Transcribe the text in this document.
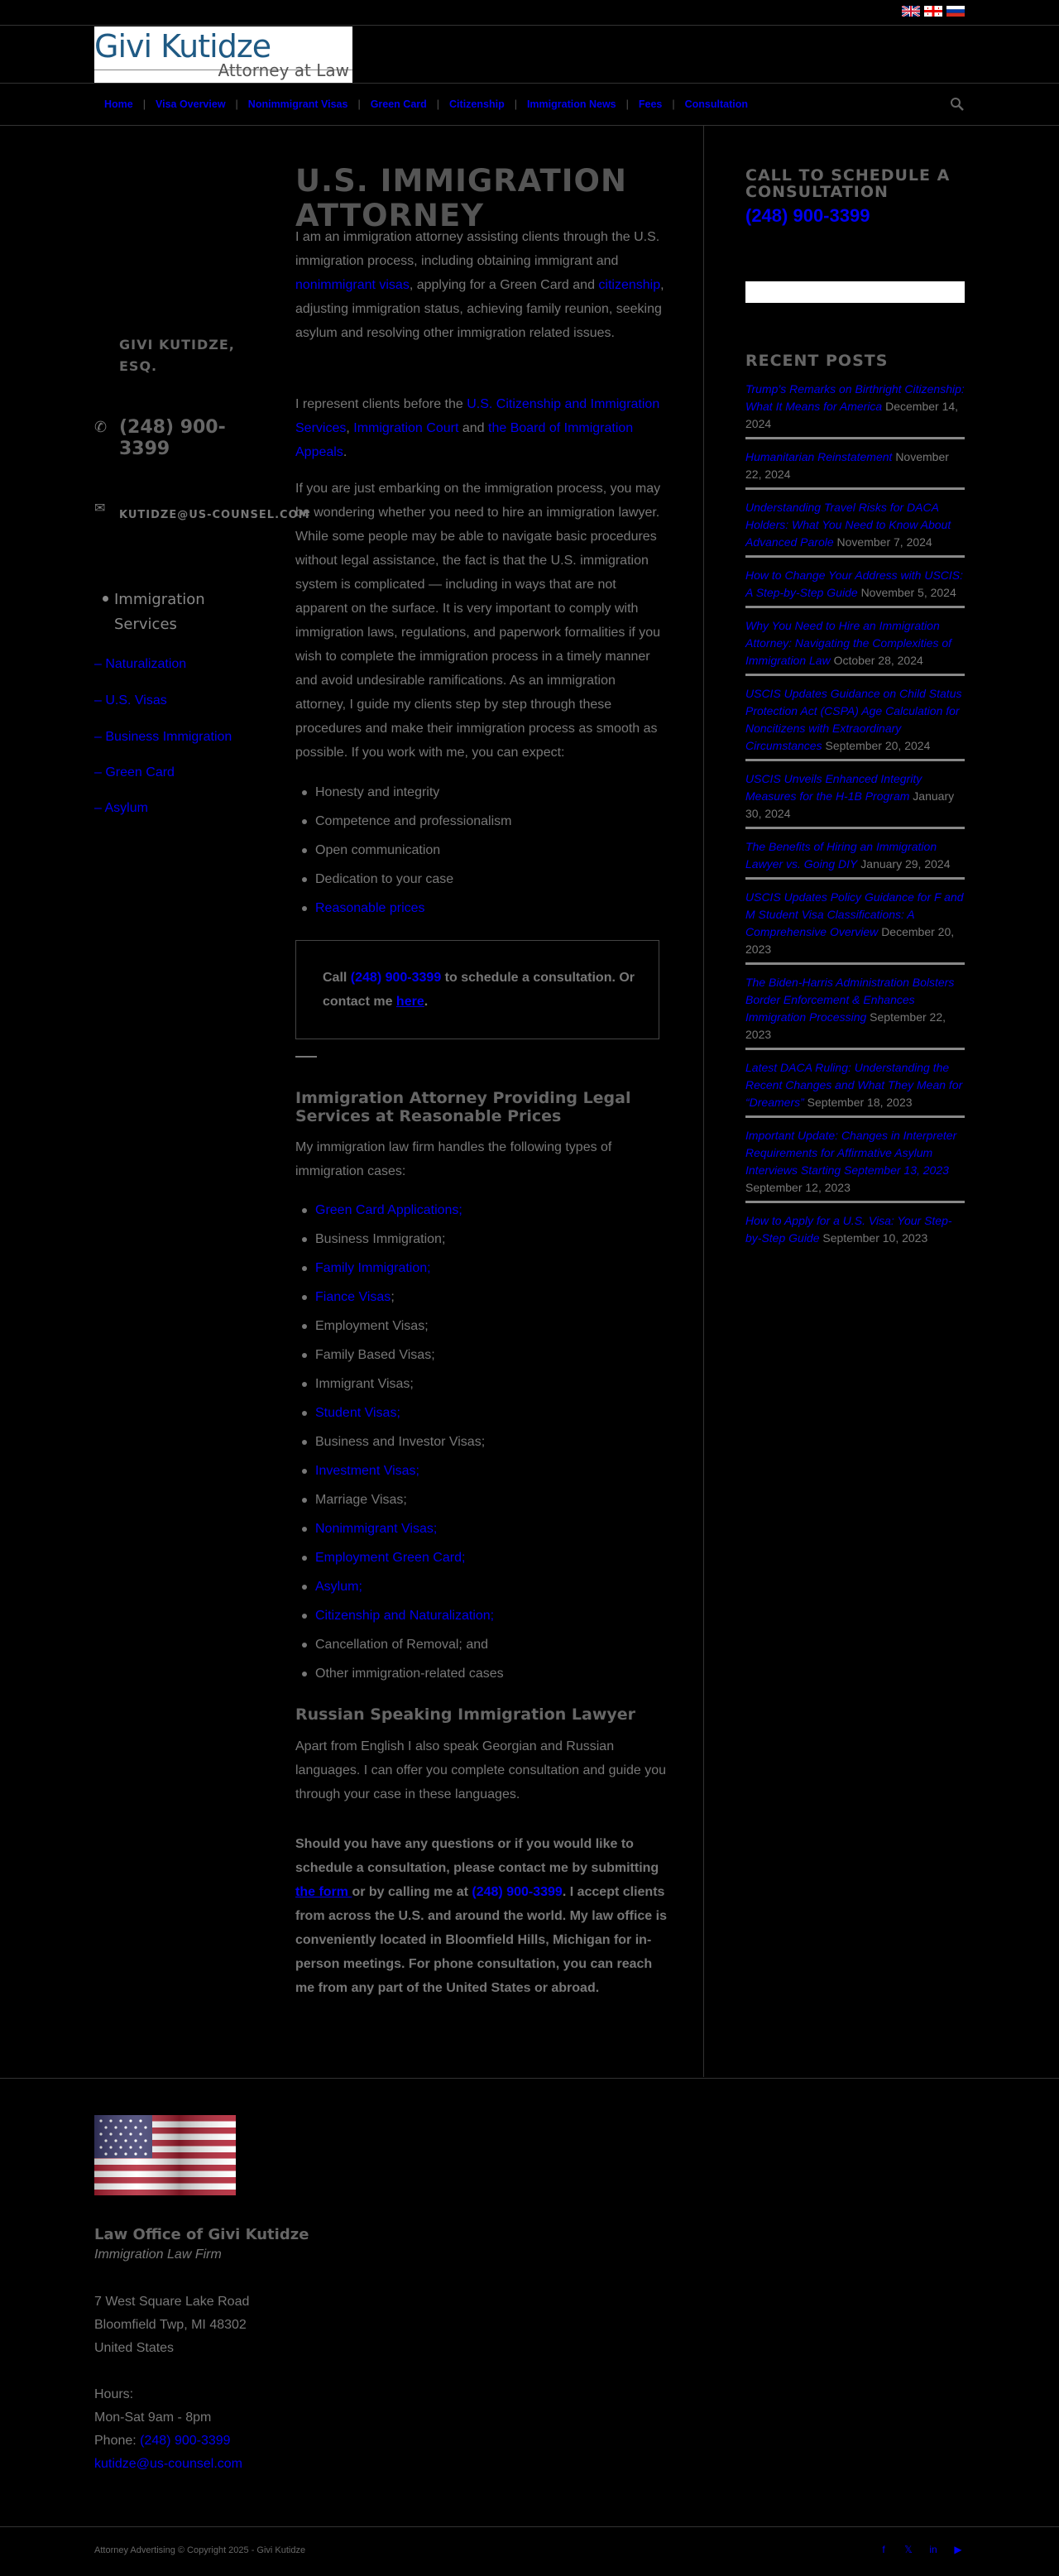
Givi Kutidze
Attorney at Law
Home | Visa Overview | Nonimmigrant Visas | Green Card | Citizenship | Immigration News | Fees | Consultation
GIVI KUTIDZE, ESQ.
✆ (248) 900-3399
✉ KUTIDZE@US-COUNSEL.COM
Immigration Services
– Naturalization
– U.S. Visas
– Business Immigration
– Green Card
– Asylum
U.S. IMMIGRATION ATTORNEY

I am an immigration attorney assisting clients through the U.S. immigration process, including obtaining immigrant and nonimmigrant visas, applying for a Green Card and citizenship, adjusting immigration status, achieving family reunion, seeking asylum and resolving other immigration related issues.

I represent clients before the U.S. Citizenship and Immigration Services, Immigration Court and the Board of Immigration Appeals.

If you are just embarking on the immigration process, you may be wondering whether you need to hire an immigration lawyer. While some people may be able to navigate basic procedures without legal assistance, the fact is that the U.S. immigration system is complicated — including in ways that are not apparent on the surface. It is very important to comply with immigration laws, regulations, and paperwork formalities if you wish to complete the immigration process in a timely manner and avoid undesirable ramifications. As an immigration attorney, I guide my clients step by step through these procedures and make their immigration process as smooth as possible. If you work with me, you can expect:

Honesty and integrity
Competence and professionalism
Open communication
Dedication to your case
Reasonable prices

Call (248) 900-3399 to schedule a consultation. Or contact me here.

Immigration Attorney Providing Legal Services at Reasonable Prices

My immigration law firm handles the following types of immigration cases:

Green Card Applications;
Business Immigration;
Family Immigration;
Fiance Visas;
Employment Visas;
Family Based Visas;
Immigrant Visas;
Student Visas;
Business and Investor Visas;
Investment Visas;
Marriage Visas;
Nonimmigrant Visas;
Employment Green Card;
Asylum;
Citizenship and Naturalization;
Cancellation of Removal; and
Other immigration-related cases
Russian Speaking Immigration Lawyer

Apart from English I also speak Georgian and Russian languages. I can offer you complete consultation and guide you through your case in these languages.

Should you have any questions or if you would like to schedule a consultation, please contact me by submitting the form or by calling me at (248) 900-3399. I accept clients from across the U.S. and around the world. My law office is conveniently located in Bloomfield Hills, Michigan for in-person meetings. For phone consultation, you can reach me from any part of the United States or abroad.

CALL TO SCHEDULE A CONSULTATION
(248) 900-3399
RECENT POSTS
Trump’s Remarks on Birthright Citizenship: What It Means for America December 14, 2024
Humanitarian Reinstatement November 22, 2024
Understanding Travel Risks for DACA Holders: What You Need to Know About Advanced Parole November 7, 2024
How to Change Your Address with USCIS: A Step-by-Step Guide November 5, 2024
Why You Need to Hire an Immigration Attorney: Navigating the Complexities of Immigration Law October 28, 2024
USCIS Updates Guidance on Child Status Protection Act (CSPA) Age Calculation for Noncitizens with Extraordinary Circumstances September 20, 2024
USCIS Unveils Enhanced Integrity Measures for the H-1B Program January 30, 2024
The Benefits of Hiring an Immigration Lawyer vs. Going DIY January 29, 2024
USCIS Updates Policy Guidance for F and M Student Visa Classifications: A Comprehensive Overview December 20, 2023
The Biden-Harris Administration Bolsters Border Enforcement & Enhances Immigration Processing September 22, 2023
Latest DACA Ruling: Understanding the Recent Changes and What They Mean for “Dreamers” September 18, 2023
Important Update: Changes in Interpreter Requirements for Affirmative Asylum Interviews Starting September 13, 2023 September 12, 2023
How to Apply for a U.S. Visa: Your Step-by-Step Guide September 10, 2023
Law Office of Givi Kutidze
Immigration Law Firm
7 West Square Lake Road
Bloomfield Twp, MI 48302
United States
Hours:
Mon-Sat 9am - 8pm
Phone: (248) 900-3399
kutidze@us-counsel.com
Attorney Advertising © Copyright 2025 - Givi Kutidze	f	𝕏 in ▶
